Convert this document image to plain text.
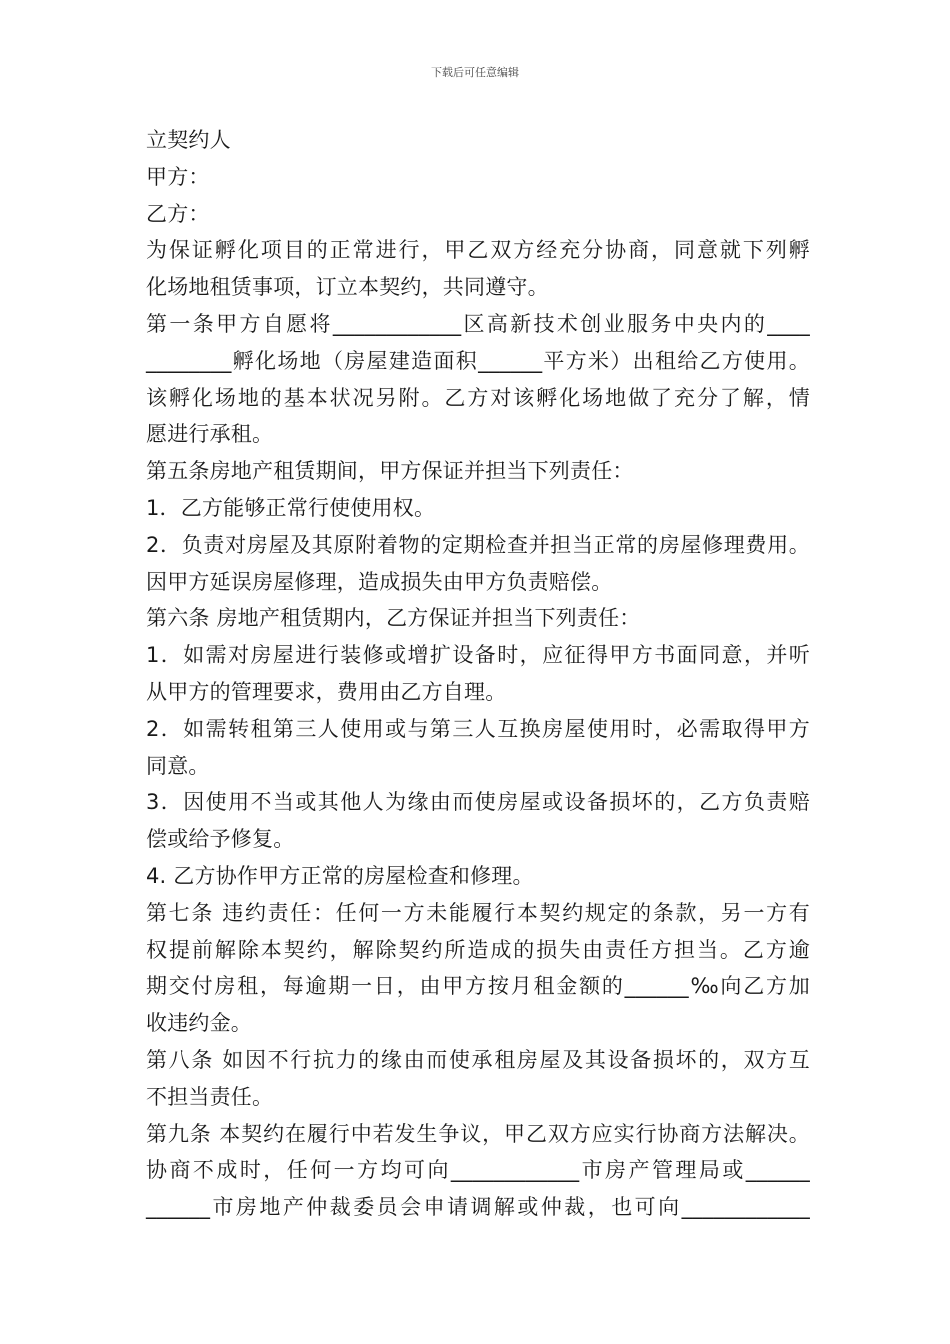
下载后可任意编辑
立契约人
甲方：
乙方：
为保证孵化项目的正常进行，甲乙双方经充分协商，同意就下列孵
化场地租赁事项，订立本契约，共同遵守。
第一条甲方自愿将____________区高新技术创业服务中央内的____
________孵化场地（房屋建造面积______平方米）出租给乙方使用。
该孵化场地的基本状况另附。乙方对该孵化场地做了充分了解，情
愿进行承租。
第五条房地产租赁期间，甲方保证并担当下列责任：
1．乙方能够正常行使使用权。
2．负责对房屋及其原附着物的定期检查并担当正常的房屋修理费用。
因甲方延误房屋修理，造成损失由甲方负责赔偿。
第六条 房地产租赁期内，乙方保证并担当下列责任：
1．如需对房屋进行装修或增扩设备时，应征得甲方书面同意，并听
从甲方的管理要求，费用由乙方自理。
2．如需转租第三人使用或与第三人互换房屋使用时，必需取得甲方
同意。
3．因使用不当或其他人为缘由而使房屋或设备损坏的，乙方负责赔
偿或给予修复。
4. 乙方协作甲方正常的房屋检查和修理。
第七条 违约责任：任何一方未能履行本契约规定的条款，另一方有
权提前解除本契约，解除契约所造成的损失由责任方担当。乙方逾
期交付房租，每逾期一日，由甲方按月租金额的______‰向乙方加
收违约金。
第八条 如因不行抗力的缘由而使承租房屋及其设备损坏的，双方互
不担当责任。
第九条 本契约在履行中若发生争议，甲乙双方应实行协商方法解决。
协商不成时，任何一方均可向____________市房产管理局或______
______市房地产仲裁委员会申请调解或仲裁，也可向____________
